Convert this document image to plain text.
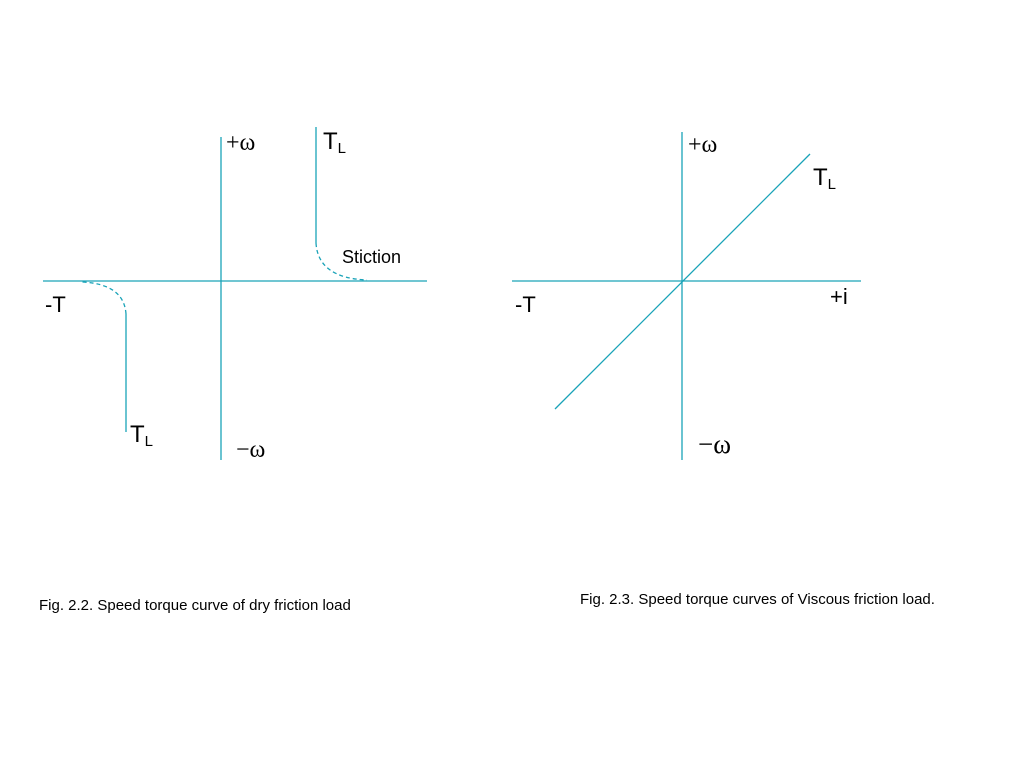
+ω	$T_L$
Stiction
-T
$T_L$	−ω
Fig. 2.2. Speed torque curve of dry friction load
+ω
$T_L$
+i
-T
−ω
Fig. 2.3. Speed torque curves of Viscous friction load.
